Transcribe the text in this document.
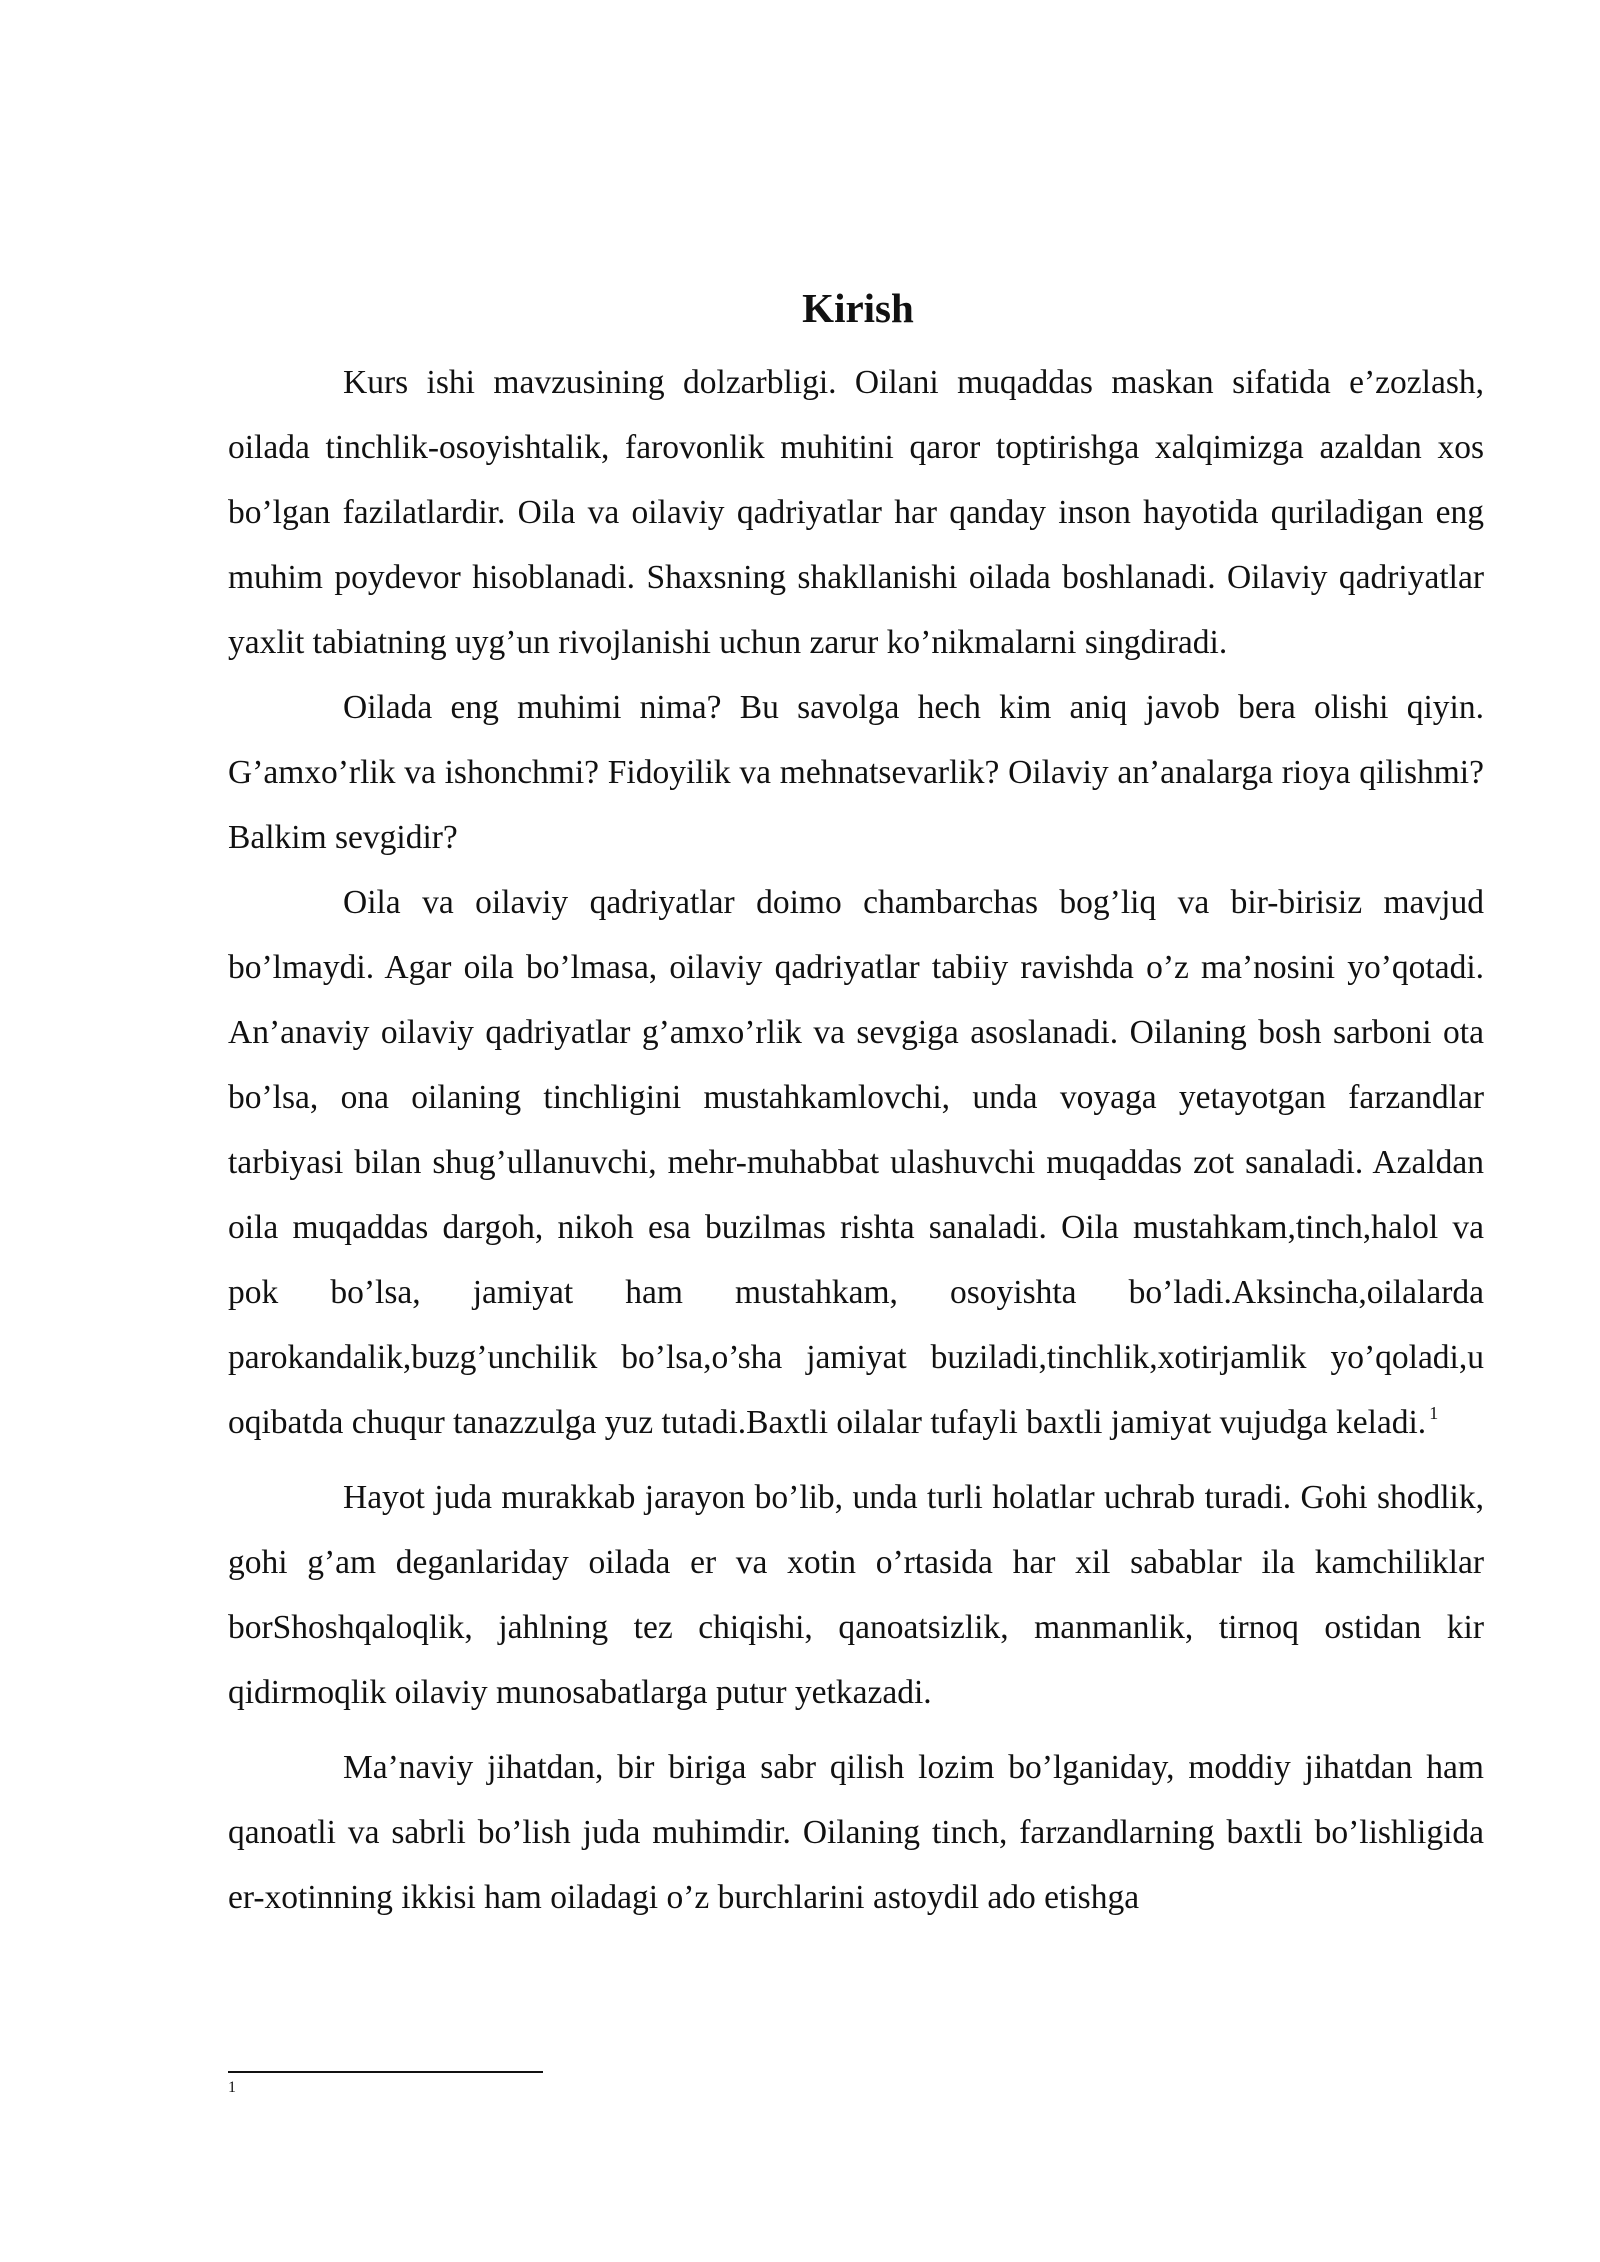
Kirish

Kurs ishi mavzusining dolzarbligi. Oilani muqaddas maskan sifatida e’zozlash, oilada tinchlik-osoyishtalik, farovonlik muhitini qaror toptirishga xalqimizga azaldan xos bo’lgan fazilatlardir. Oila va oilaviy qadriyatlar har qanday inson hayotida quriladigan eng muhim poydevor hisoblanadi. Shaxsning shakllanishi oilada boshlanadi. Oilaviy qadriyatlar yaxlit tabiatning uyg’un rivojlanishi uchun zarur ko’nikmalarni singdiradi.

Oilada eng muhimi nima? Bu savolga hech kim aniq javob bera olishi qiyin. G’amxo’rlik va ishonchmi? Fidoyilik va mehnatsevarlik? Oilaviy an’analarga rioya qilishmi? Balkim sevgidir?

Oila va oilaviy qadriyatlar doimo chambarchas bog’liq va bir-birisiz mavjud bo’lmaydi. Agar oila bo’lmasa, oilaviy qadriyatlar tabiiy ravishda o’z ma’nosini yo’qotadi. An’anaviy oilaviy qadriyatlar g’amxo’rlik va sevgiga asoslanadi. Oilaning bosh sarboni ota bo’lsa, ona oilaning tinchligini mustahkamlovchi, unda voyaga yetayotgan farzandlar tarbiyasi bilan shug’ullanuvchi, mehr-muhabbat ulashuvchi muqaddas zot sanaladi. Azaldan oila muqaddas dargoh, nikoh esa buzilmas rishta sanaladi. Oila mustahkam,tinch,halol va pok bo’lsa, jamiyat ham mustahkam, osoyishta bo’ladi.Aksincha,oilalarda parokandalik,buzg’unchilik bo’lsa,o’sha jamiyat buziladi,tinchlik,xotirjamlik yo’qoladi,u oqibatda chuqur tanazzulga yuz tutadi.Baxtli oilalar tufayli baxtli jamiyat vujudga keladi. $^1$

Hayot juda murakkab jarayon bo’lib, unda turli holatlar uchrab turadi. Gohi shodlik, gohi g’am deganlariday oilada er va xotin o’rtasida har xil sabablar ila kamchiliklar borShoshqaloqlik, jahlning tez chiqishi, qanoatsizlik, manmanlik, tirnoq ostidan kir qidirmoqlik oilaviy munosabatlarga putur yetkazadi.

Ma’naviy jihatdan, bir biriga sabr qilish lozim bo’lganiday, moddiy jihatdan ham qanoatli va sabrli bo’lish juda muhimdir. Oilaning tinch, farzandlarning baxtli bo’lishligida er-xotinning ikkisi ham oiladagi o’z burchlarini astoydil ado etishga

1
